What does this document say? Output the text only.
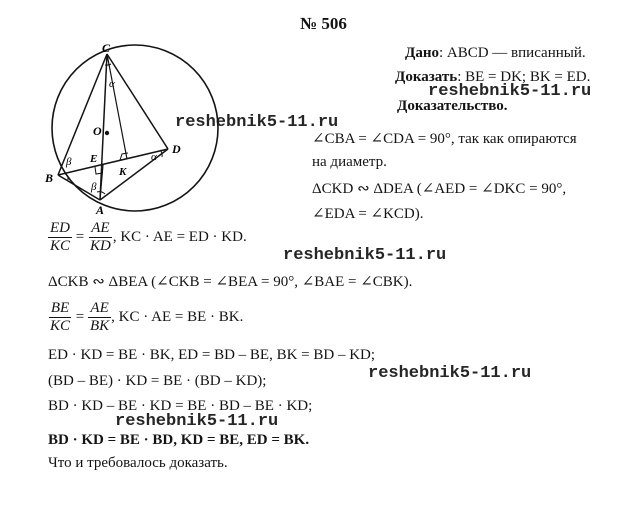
№ 506
Дано: ABCD — вписанный.
Доказать: BE = DK; BK = ED.
reshebnik5-11.ru
Доказательство.
reshebnik5-11.ru
C
B
A
D
O
E
K
α
α
β
β
∠CBA = ∠CDA = 90°, так как опираются
на диаметр.
ΔCKD ∾ ΔDEA (∠AED = ∠DKC = 90°,
∠EDA = ∠KCD).
$\frac{ED}{KC} = \frac{AE}{KD}$ , KC · AE = ED · KD.
reshebnik5-11.ru
ΔCKB ∾ ΔBEA (∠CKB = ∠BEA = 90°, ∠BAE = ∠CBK).
$\frac{BE}{KC} = \frac{AE}{BK}$ , KC · AE = BE · BK.
ED · KD = BE · BK, ED = BD – BE, BK = BD – KD;
reshebnik5-11.ru
(BD – BE) · KD = BE · (BD – KD);
BD · KD – BE · KD = BE · BD – BE · KD;
reshebnik5-11.ru
BD · KD = BE · BD, KD = BE, ED = BK.
Что и требовалось доказать.
